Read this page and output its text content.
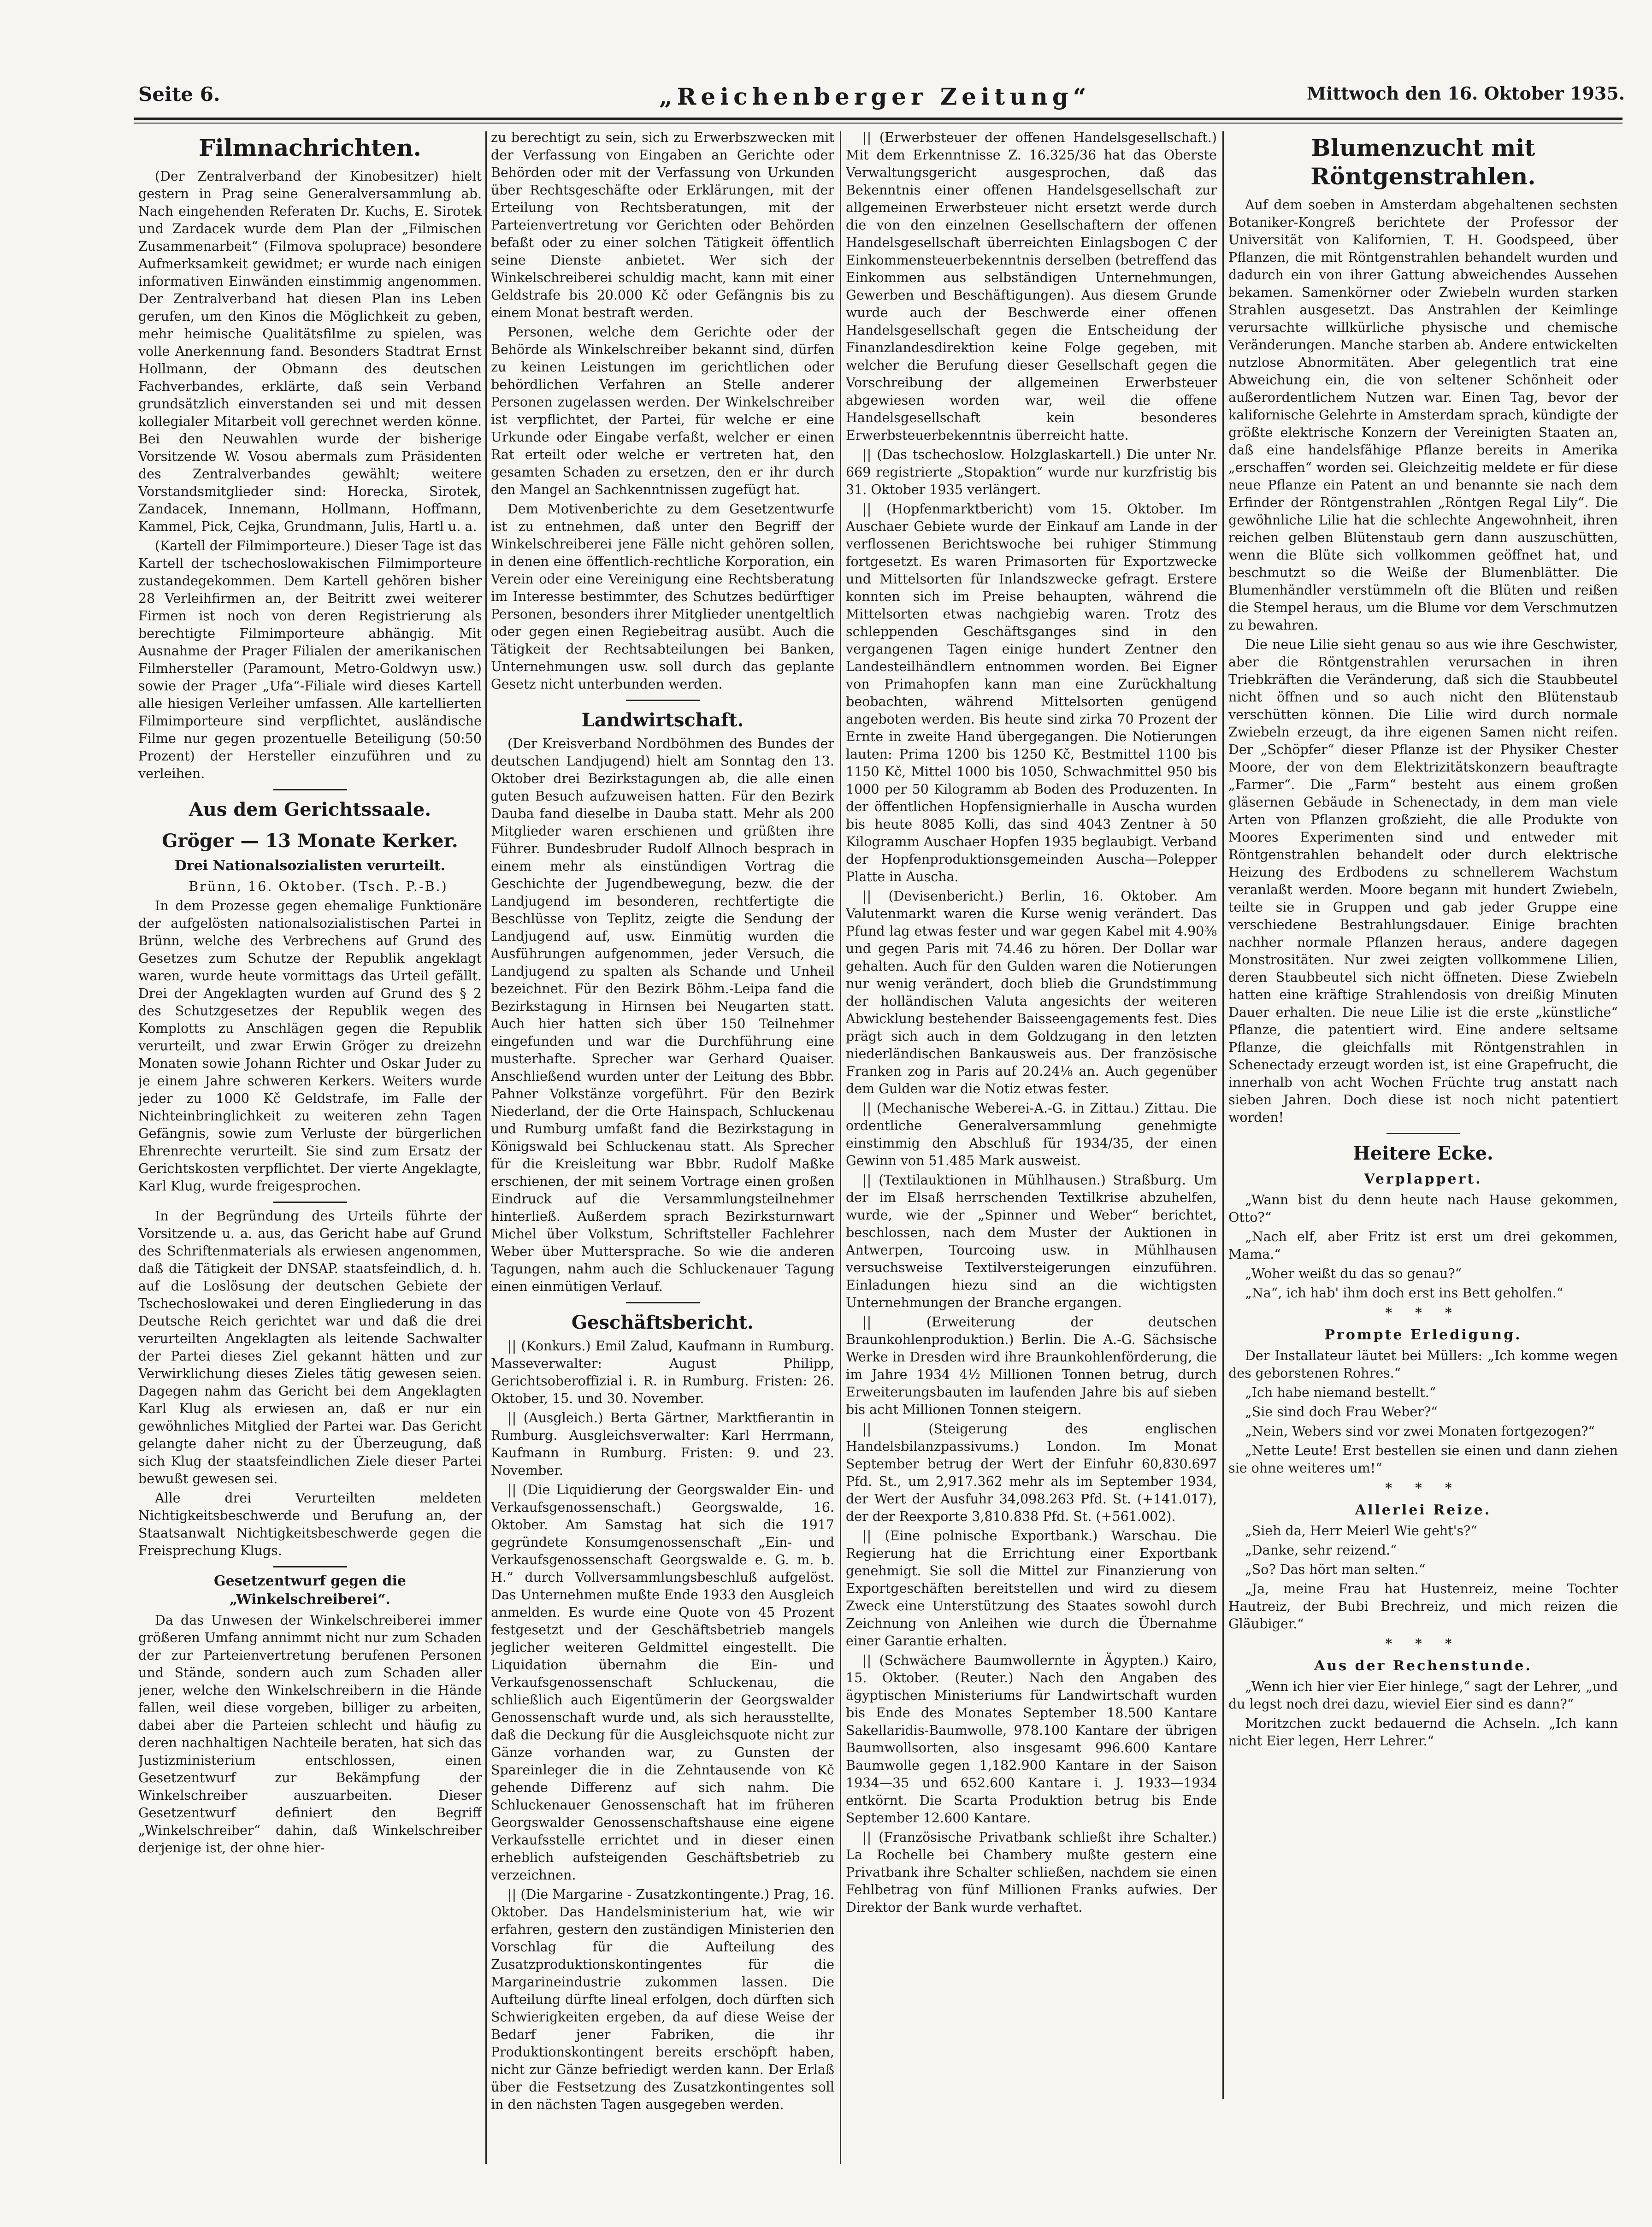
Seite 6.	„Reichenberger Zeitung“	Mittwoch den 16. Oktober 1935.
Filmnachrichten.

(Der Zentralverband der Kinobesitzer) hielt gestern in Prag seine Generalversammlung ab. Nach eingehenden Referaten Dr. Kuchs, E. Sirotek und Zardacek wurde dem Plan der „Filmischen Zusammenarbeit“ (Filmova spoluprace) besondere Aufmerksamkeit gewidmet; er wurde nach einigen informativen Einwänden einstimmig angenommen. Der Zentralverband hat diesen Plan ins Leben gerufen, um den Kinos die Möglichkeit zu geben, mehr heimische Qualitätsfilme zu spielen, was volle Anerkennung fand. Besonders Stadtrat Ernst Hollmann, der Obmann des deutschen Fachverbandes, erklärte, daß sein Verband grundsätzlich einverstanden sei und mit dessen kollegialer Mitarbeit voll gerechnet werden könne. Bei den Neuwahlen wurde der bisherige Vorsitzende W. Vosou abermals zum Präsidenten des Zentralverbandes gewählt; weitere Vorstandsmitglieder sind: Horecka, Sirotek, Zandacek, Innemann, Hollmann, Hoffmann, Kammel, Pick, Cejka, Grundmann, Julis, Hartl u. a.

(Kartell der Filmimporteure.) Dieser Tage ist das Kartell der tschechoslowakischen Filmimporteure zustandegekommen. Dem Kartell gehören bisher 28 Verleihfirmen an, der Beitritt zwei weiterer Firmen ist noch von deren Registrierung als berechtigte Filmimporteure abhängig. Mit Ausnahme der Prager Filialen der amerikanischen Filmhersteller (Paramount, Metro-Goldwyn usw.) sowie der Prager „Ufa“-Filiale wird dieses Kartell alle hiesigen Verleiher umfassen. Alle kartellierten Filmimporteure sind verpflichtet, ausländische Filme nur gegen prozentuelle Beteiligung (50:50 Prozent) der Hersteller einzuführen und zu verleihen.

Aus dem Gerichtssaale.
Gröger — 13 Monate Kerker.
Drei Nationalsozialisten verurteilt.

Brünn, 16. Oktober. (Tsch. P.-B.)

In dem Prozesse gegen ehemalige Funktionäre der aufgelösten nationalsozialistischen Partei in Brünn, welche des Verbrechens auf Grund des Gesetzes zum Schutze der Republik angeklagt waren, wurde heute vormittags das Urteil gefällt. Drei der Angeklagten wurden auf Grund des § 2 des Schutzgesetzes der Republik wegen des Komplotts zu Anschlägen gegen die Republik verurteilt, und zwar Erwin Gröger zu dreizehn Monaten sowie Johann Richter und Oskar Juder zu je einem Jahre schweren Kerkers. Weiters wurde jeder zu 1000 Kč Geldstrafe, im Falle der Nichteinbringlichkeit zu weiteren zehn Tagen Gefängnis, sowie zum Verluste der bürgerlichen Ehrenrechte verurteilt. Sie sind zum Ersatz der Gerichtskosten verpflichtet. Der vierte Angeklagte, Karl Klug, wurde freigesprochen.

In der Begründung des Urteils führte der Vorsitzende u. a. aus, das Gericht habe auf Grund des Schriftenmaterials als erwiesen angenommen, daß die Tätigkeit der DNSAP. staatsfeindlich, d. h. auf die Loslösung der deutschen Gebiete der Tschechoslowakei und deren Eingliederung in das Deutsche Reich gerichtet war und daß die drei verurteilten Angeklagten als leitende Sachwalter der Partei dieses Ziel gekannt hätten und zur Verwirklichung dieses Zieles tätig gewesen seien. Dagegen nahm das Gericht bei dem Angeklagten Karl Klug als erwiesen an, daß er nur ein gewöhnliches Mitglied der Partei war. Das Gericht gelangte daher nicht zu der Überzeugung, daß sich Klug der staatsfeindlichen Ziele dieser Partei bewußt gewesen sei.

Alle drei Verurteilten meldeten Nichtigkeitsbeschwerde und Berufung an, der Staatsanwalt Nichtigkeitsbeschwerde gegen die Freisprechung Klugs.

Gesetzentwurf gegen die „Winkelschreiberei“.

Da das Unwesen der Winkelschreiberei immer größeren Umfang annimmt nicht nur zum Schaden der zur Parteienvertretung berufenen Personen und Stände, sondern auch zum Schaden aller jener, welche den Winkelschreibern in die Hände fallen, weil diese vorgeben, billiger zu arbeiten, dabei aber die Parteien schlecht und häufig zu deren nachhaltigen Nachteile beraten, hat sich das Justizministerium entschlossen, einen Gesetzentwurf zur Bekämpfung der Winkelschreiber auszuarbeiten. Dieser Gesetzentwurf definiert den Begriff „Winkelschreiber“ dahin, daß Winkelschreiber derjenige ist, der ohne hier-

zu berechtigt zu sein, sich zu Erwerbszwecken mit der Verfassung von Eingaben an Gerichte oder Behörden oder mit der Verfassung von Urkunden über Rechtsgeschäfte oder Erklärungen, mit der Erteilung von Rechtsberatungen, mit der Parteienvertretung vor Gerichten oder Behörden befaßt oder zu einer solchen Tätigkeit öffentlich seine Dienste anbietet. Wer sich der Winkelschreiberei schuldig macht, kann mit einer Geldstrafe bis 20.000 Kč oder Gefängnis bis zu einem Monat bestraft werden.

Personen, welche dem Gerichte oder der Behörde als Winkelschreiber bekannt sind, dürfen zu keinen Leistungen im gerichtlichen oder behördlichen Verfahren an Stelle anderer Personen zugelassen werden. Der Winkelschreiber ist verpflichtet, der Partei, für welche er eine Urkunde oder Eingabe verfaßt, welcher er einen Rat erteilt oder welche er vertreten hat, den gesamten Schaden zu ersetzen, den er ihr durch den Mangel an Sachkenntnissen zugefügt hat.

Dem Motivenberichte zu dem Gesetzentwurfe ist zu entnehmen, daß unter den Begriff der Winkelschreiberei jene Fälle nicht gehören sollen, in denen eine öffentlich-rechtliche Korporation, ein Verein oder eine Vereinigung eine Rechtsberatung im Interesse bestimmter, des Schutzes bedürftiger Personen, besonders ihrer Mitglieder unentgeltlich oder gegen einen Regiebeitrag ausübt. Auch die Tätigkeit der Rechtsabteilungen bei Banken, Unternehmungen usw. soll durch das geplante Gesetz nicht unterbunden werden.

Landwirtschaft.

(Der Kreisverband Nordböhmen des Bundes der deutschen Landjugend) hielt am Sonntag den 13. Oktober drei Bezirkstagungen ab, die alle einen guten Besuch aufzuweisen hatten. Für den Bezirk Dauba fand dieselbe in Dauba statt. Mehr als 200 Mitglieder waren erschienen und grüßten ihre Führer. Bundesbruder Rudolf Allnoch besprach in einem mehr als einstündigen Vortrag die Geschichte der Jugendbewegung, bezw. die der Landjugend im besonderen, rechtfertigte die Beschlüsse von Teplitz, zeigte die Sendung der Landjugend auf, usw. Einmütig wurden die Ausführungen aufgenommen, jeder Versuch, die Landjugend zu spalten als Schande und Unheil bezeichnet. Für den Bezirk Böhm.-Leipa fand die Bezirkstagung in Hirnsen bei Neugarten statt. Auch hier hatten sich über 150 Teilnehmer eingefunden und war die Durchführung eine musterhafte. Sprecher war Gerhard Quaiser. Anschließend wurden unter der Leitung des Bbbr. Pahner Volkstänze vorgeführt. Für den Bezirk Niederland, der die Orte Hainspach, Schluckenau und Rumburg umfaßt fand die Bezirkstagung in Königswald bei Schluckenau statt. Als Sprecher für die Kreisleitung war Bbbr. Rudolf Maßke erschienen, der mit seinem Vortrage einen großen Eindruck auf die Versammlungsteilnehmer hinterließ. Außerdem sprach Bezirksturnwart Michel über Volkstum, Schriftsteller Fachlehrer Weber über Muttersprache. So wie die anderen Tagungen, nahm auch die Schluckenauer Tagung einen einmütigen Verlauf.

Geschäftsbericht.

|| (Konkurs.) Emil Zalud, Kaufmann in Rumburg. Masseverwalter: August Philipp, Gerichtsoberoffizial i. R. in Rumburg. Fristen: 26. Oktober, 15. und 30. November.

|| (Ausgleich.) Berta Gärtner, Marktfierantin in Rumburg. Ausgleichsverwalter: Karl Herrmann, Kaufmann in Rumburg. Fristen: 9. und 23. November.

|| (Die Liquidierung der Georgswalder Ein- und Verkaufsgenossenschaft.) Georgswalde, 16. Oktober. Am Samstag hat sich die 1917 gegründete Konsumgenossenschaft „Ein- und Verkaufsgenossenschaft Georgswalde e. G. m. b. H.“ durch Vollversammlungsbeschluß aufgelöst. Das Unternehmen mußte Ende 1933 den Ausgleich anmelden. Es wurde eine Quote von 45 Prozent festgesetzt und der Geschäftsbetrieb mangels jeglicher weiteren Geldmittel eingestellt. Die Liquidation übernahm die Ein- und Verkaufsgenossenschaft Schluckenau, die schließlich auch Eigentümerin der Georgswalder Genossenschaft wurde und, als sich herausstellte, daß die Deckung für die Ausgleichsquote nicht zur Gänze vorhanden war, zu Gunsten der Spareinleger die in die Zehntausende von Kč gehende Differenz auf sich nahm. Die Schluckenauer Genossenschaft hat im früheren Georgswalder Genossenschaftshause eine eigene Verkaufsstelle errichtet und in dieser einen erheblich aufsteigenden Geschäftsbetrieb zu verzeichnen.

|| (Die Margarine - Zusatzkontingente.) Prag, 16. Oktober. Das Handelsministerium hat, wie wir erfahren, gestern den zuständigen Ministerien den Vorschlag für die Aufteilung des Zusatzproduktionskontingentes für die Margarineindustrie zukommen lassen. Die Aufteilung dürfte lineal erfolgen, doch dürften sich Schwierigkeiten ergeben, da auf diese Weise der Bedarf jener Fabriken, die ihr Produktionskontingent bereits erschöpft haben, nicht zur Gänze befriedigt werden kann. Der Erlaß über die Festsetzung des Zusatzkontingentes soll in den nächsten Tagen ausgegeben werden.

|| (Erwerbsteuer der offenen Handelsgesellschaft.) Mit dem Erkenntnisse Z. 16.325/36 hat das Oberste Verwaltungsgericht ausgesprochen, daß das Bekenntnis einer offenen Handelsgesellschaft zur allgemeinen Erwerbsteuer nicht ersetzt werde durch die von den einzelnen Gesellschaftern der offenen Handelsgesellschaft überreichten Einlagsbogen C der Einkommensteuerbekenntnis derselben (betreffend das Einkommen aus selbständigen Unternehmungen, Gewerben und Beschäftigungen). Aus diesem Grunde wurde auch der Beschwerde einer offenen Handelsgesellschaft gegen die Entscheidung der Finanzlandesdirektion keine Folge gegeben, mit welcher die Berufung dieser Gesellschaft gegen die Vorschreibung der allgemeinen Erwerbsteuer abgewiesen worden war, weil die offene Handelsgesellschaft kein besonderes Erwerbsteuerbekenntnis überreicht hatte.

|| (Das tschechoslow. Holzglaskartell.) Die unter Nr. 669 registrierte „Stopaktion“ wurde nur kurzfristig bis 31. Oktober 1935 verlängert.

|| (Hopfenmarktbericht) vom 15. Oktober. Im Auschaer Gebiete wurde der Einkauf am Lande in der verflossenen Berichtswoche bei ruhiger Stimmung fortgesetzt. Es waren Primasorten für Exportzwecke und Mittelsorten für Inlandszwecke gefragt. Erstere konnten sich im Preise behaupten, während die Mittelsorten etwas nachgiebig waren. Trotz des schleppenden Geschäftsganges sind in den vergangenen Tagen einige hundert Zentner den Landesteilhändlern entnommen worden. Bei Eigner von Primahopfen kann man eine Zurückhaltung beobachten, während Mittelsorten genügend angeboten werden. Bis heute sind zirka 70 Prozent der Ernte in zweite Hand übergegangen. Die Notierungen lauten: Prima 1200 bis 1250 Kč, Bestmittel 1100 bis 1150 Kč, Mittel 1000 bis 1050, Schwachmittel 950 bis 1000 per 50 Kilogramm ab Boden des Produzenten. In der öffentlichen Hopfensignierhalle in Auscha wurden bis heute 8085 Kolli, das sind 4043 Zentner à 50 Kilogramm Auschaer Hopfen 1935 beglaubigt. Verband der Hopfenproduktionsgemeinden Auscha—Polepper Platte in Auscha.

|| (Devisenbericht.) Berlin, 16. Oktober. Am Valutenmarkt waren die Kurse wenig verändert. Das Pfund lag etwas fester und war gegen Kabel mit 4.90⅜ und gegen Paris mit 74.46 zu hören. Der Dollar war gehalten. Auch für den Gulden waren die Notierungen nur wenig verändert, doch blieb die Grundstimmung der holländischen Valuta angesichts der weiteren Abwicklung bestehender Baisseengagements fest. Dies prägt sich auch in dem Goldzugang in den letzten niederländischen Bankausweis aus. Der französische Franken zog in Paris auf 20.24⅛ an. Auch gegenüber dem Gulden war die Notiz etwas fester.

|| (Mechanische Weberei-A.-G. in Zittau.) Zittau. Die ordentliche Generalversammlung genehmigte einstimmig den Abschluß für 1934/35, der einen Gewinn von 51.485 Mark ausweist.

|| (Textilauktionen in Mühlhausen.) Straßburg. Um der im Elsaß herrschenden Textilkrise abzuhelfen, wurde, wie der „Spinner und Weber“ berichtet, beschlossen, nach dem Muster der Auktionen in Antwerpen, Tourcoing usw. in Mühlhausen versuchsweise Textilversteigerungen einzuführen. Einladungen hiezu sind an die wichtigsten Unternehmungen der Branche ergangen.

|| (Erweiterung der deutschen Braunkohlenproduktion.) Berlin. Die A.-G. Sächsische Werke in Dresden wird ihre Braunkohlenförderung, die im Jahre 1934 4½ Millionen Tonnen betrug, durch Erweiterungsbauten im laufenden Jahre bis auf sieben bis acht Millionen Tonnen steigern.

|| (Steigerung des englischen Handelsbilanzpassivums.) London. Im Monat September betrug der Wert der Einfuhr 60,830.697 Pfd. St., um 2,917.362 mehr als im September 1934, der Wert der Ausfuhr 34,098.263 Pfd. St. (+141.017), der der Reexporte 3,810.838 Pfd. St. (+561.002).

|| (Eine polnische Exportbank.) Warschau. Die Regierung hat die Errichtung einer Exportbank genehmigt. Sie soll die Mittel zur Finanzierung von Exportgeschäften bereitstellen und wird zu diesem Zweck eine Unterstützung des Staates sowohl durch Zeichnung von Anleihen wie durch die Übernahme einer Garantie erhalten.

|| (Schwächere Baumwollernte in Ägypten.) Kairo, 15. Oktober. (Reuter.) Nach den Angaben des ägyptischen Ministeriums für Landwirtschaft wurden bis Ende des Monates September 18.500 Kantare Sakellaridis-Baumwolle, 978.100 Kantare der übrigen Baumwollsorten, also insgesamt 996.600 Kantare Baumwolle gegen 1,182.900 Kantare in der Saison 1934—35 und 652.600 Kantare i. J. 1933—1934 entkörnt. Die Scarta Produktion betrug bis Ende September 12.600 Kantare.

|| (Französische Privatbank schließt ihre Schalter.) La Rochelle bei Chambery mußte gestern eine Privatbank ihre Schalter schließen, nachdem sie einen Fehlbetrag von fünf Millionen Franks aufwies. Der Direktor der Bank wurde verhaftet.

Blumenzucht mit Röntgenstrahlen.

Auf dem soeben in Amsterdam abgehaltenen sechsten Botaniker-Kongreß berichtete der Professor der Universität von Kalifornien, T. H. Goodspeed, über Pflanzen, die mit Röntgenstrahlen behandelt wurden und dadurch ein von ihrer Gattung abweichendes Aussehen bekamen. Samenkörner oder Zwiebeln wurden starken Strahlen ausgesetzt. Das Anstrahlen der Keimlinge verursachte willkürliche physische und chemische Veränderungen. Manche starben ab. Andere entwickelten nutzlose Abnormitäten. Aber gelegentlich trat eine Abweichung ein, die von seltener Schönheit oder außerordentlichem Nutzen war. Einen Tag, bevor der kalifornische Gelehrte in Amsterdam sprach, kündigte der größte elektrische Konzern der Vereinigten Staaten an, daß eine handelsfähige Pflanze bereits in Amerika „erschaffen“ worden sei. Gleichzeitig meldete er für diese neue Pflanze ein Patent an und benannte sie nach dem Erfinder der Röntgenstrahlen „Röntgen Regal Lily“. Die gewöhnliche Lilie hat die schlechte Angewohnheit, ihren reichen gelben Blütenstaub gern dann auszuschütten, wenn die Blüte sich vollkommen geöffnet hat, und beschmutzt so die Weiße der Blumenblätter. Die Blumenhändler verstümmeln oft die Blüten und reißen die Stempel heraus, um die Blume vor dem Verschmutzen zu bewahren.

Die neue Lilie sieht genau so aus wie ihre Geschwister, aber die Röntgenstrahlen verursachen in ihren Triebkräften die Veränderung, daß sich die Staubbeutel nicht öffnen und so auch nicht den Blütenstaub verschütten können. Die Lilie wird durch normale Zwiebeln erzeugt, da ihre eigenen Samen nicht reifen. Der „Schöpfer“ dieser Pflanze ist der Physiker Chester Moore, der von dem Elektrizitätskonzern beauftragte „Farmer“. Die „Farm“ besteht aus einem großen gläsernen Gebäude in Schenectady, in dem man viele Arten von Pflanzen großzieht, die alle Produkte von Moores Experimenten sind und entweder mit Röntgenstrahlen behandelt oder durch elektrische Heizung des Erdbodens zu schnellerem Wachstum veranlaßt werden. Moore begann mit hundert Zwiebeln, teilte sie in Gruppen und gab jeder Gruppe eine verschiedene Bestrahlungsdauer. Einige brachten nachher normale Pflanzen heraus, andere dagegen Monstrositäten. Nur zwei zeigten vollkommene Lilien, deren Staubbeutel sich nicht öffneten. Diese Zwiebeln hatten eine kräftige Strahlendosis von dreißig Minuten Dauer erhalten. Die neue Lilie ist die erste „künstliche“ Pflanze, die patentiert wird. Eine andere seltsame Pflanze, die gleichfalls mit Röntgenstrahlen in Schenectady erzeugt worden ist, ist eine Grapefrucht, die innerhalb von acht Wochen Früchte trug anstatt nach sieben Jahren. Doch diese ist noch nicht patentiert worden!

Heitere Ecke.
Verplappert.

„Wann bist du denn heute nach Hause gekommen, Otto?“

„Nach elf, aber Fritz ist erst um drei gekommen, Mama.“

„Woher weißt du das so genau?“

„Na“, ich hab' ihm doch erst ins Bett geholfen.“

* * *
Prompte Erledigung.

Der Installateur läutet bei Müllers: „Ich komme wegen des geborstenen Rohres.“

„Ich habe niemand bestellt.“

„Sie sind doch Frau Weber?“

„Nein, Webers sind vor zwei Monaten fortgezogen?“

„Nette Leute! Erst bestellen sie einen und dann ziehen sie ohne weiteres um!“

* * *
Allerlei Reize.

„Sieh da, Herr Meierl Wie geht's?“

„Danke, sehr reizend.“

„So? Das hört man selten.“

„Ja, meine Frau hat Hustenreiz, meine Tochter Hautreiz, der Bubi Brechreiz, und mich reizen die Gläubiger.“

* * *
Aus der Rechenstunde.

„Wenn ich hier vier Eier hinlege,“ sagt der Lehrer, „und du legst noch drei dazu, wieviel Eier sind es dann?“

Moritzchen zuckt bedauernd die Achseln. „Ich kann nicht Eier legen, Herr Lehrer.“
